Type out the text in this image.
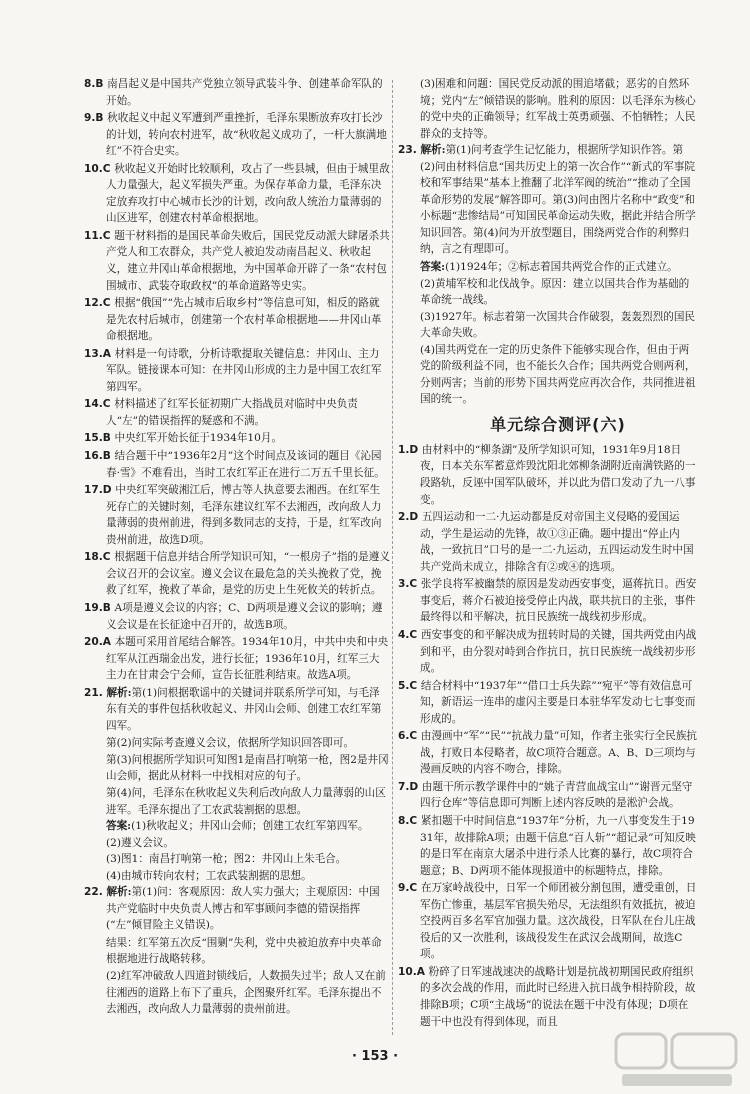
8.B 南昌起义是中国共产党独立领导武装斗争、创建革命军队的开始。

9.B 秋收起义中起义军遭到严重挫折，毛泽东果断放弃攻打长沙的计划，转向农村进军，故“秋收起义成功了，一杆大旗满地红”不符合史实。

10.C 秋收起义开始时比较顺利，攻占了一些县城，但由于城里敌人力量强大，起义军损失严重。为保存革命力量，毛泽东决定放弃攻打中心城市长沙的计划，改向敌人统治力量薄弱的山区进军，创建农村革命根据地。

11.C 题干材料指的是国民革命失败后，国民党反动派大肆屠杀共产党人和工农群众，共产党人被迫发动南昌起义、秋收起义，建立井冈山革命根据地，为中国革命开辟了一条“农村包围城市、武装夺取政权”的革命道路等史实。

12.C 根据“俄国”“先占城市后取乡村”等信息可知，相反的路就是先农村后城市，创建第一个农村革命根据地——井冈山革命根据地。

13.A 材料是一句诗歌，分析诗歌提取关键信息：井冈山、主力军队。链接课本可知：在井冈山形成的主力是中国工农红军第四军。

14.C 材料描述了红军长征初期广大指战员对临时中央负责人“左”的错误指挥的疑惑和不满。

15.B 中央红军开始长征于1934年10月。

16.B 结合题干中“1936年2月”这个时间点及该词的题目《沁园春·雪》不难看出，当时工农红军正在进行二万五千里长征。

17.D 中央红军突破湘江后，博古等人执意要去湘西。在红军生死存亡的关键时刻，毛泽东建议红军不去湘西，改向敌人力量薄弱的贵州前进，得到多数同志的支持，于是，红军改向贵州前进，故选D项。

18.C 根据题干信息并结合所学知识可知，“一根房子”指的是遵义会议召开的会议室。遵义会议在最危急的关头挽救了党，挽救了红军，挽救了革命，是党的历史上生死攸关的转折点。

19.B A项是遵义会议的内容；C、D两项是遵义会议的影响；遵义会议是在长征途中召开的，故选B项。

20.A 本题可采用首尾结合解答。1934年10月，中共中央和中央红军从江西瑞金出发，进行长征；1936年10月，红军三大主力在甘肃会宁会师，宣告长征胜利结束。故选A项。

21. 解析:第(1)问根据歌谣中的关键词并联系所学可知，与毛泽东有关的事件包括秋收起义、井冈山会师、创建工农红军第四军。

第(2)问实际考查遵义会议，依据所学知识回答即可。

第(3)问根据所学知识可知图1是南昌打响第一枪，图2是井冈山会师，据此从材料一中找相对应的句子。

第(4)问，毛泽东在秋收起义失利后改向敌人力量薄弱的山区进军。毛泽东提出了工农武装割据的思想。

答案:(1)秋收起义；井冈山会师；创建工农红军第四军。

(2)遵义会议。

(3)图1：南昌打响第一枪；图2：井冈山上朱毛合。

(4)由城市转向农村；工农武装割据的思想。

22. 解析:第(1)问：客观原因：敌人实力强大；主观原因：中国共产党临时中央负责人博古和军事顾问李德的错误指挥(“左”倾冒险主义错误)。

结果：红军第五次反“围剿”失利，党中央被迫放弃中央革命根据地进行战略转移。

(2)红军冲破敌人四道封锁线后，人数损失过半；敌人又在前往湘西的道路上布下了重兵，企图聚歼红军。毛泽东提出不去湘西，改向敌人力量薄弱的贵州前进。

(3)困难和问题：国民党反动派的围追堵截；恶劣的自然环境；党内“左”倾错误的影响。胜利的原因：以毛泽东为核心的党中央的正确领导；红军战士英勇顽强、不怕牺牲；人民群众的支持等。

23. 解析:第(1)问考查学生记忆能力，根据所学知识作答。第(2)问由材料信息“国共历史上的第一次合作”“新式的军事院校和军事结果”基本上推翻了北洋军阀的统治”“推动了全国革命形势的发展”解答即可。第(3)问由图片名称中“政变”和小标题“悲惨结局”可知国民革命运动失败，据此并结合所学知识回答。第(4)问为开放型题目，围绕两党合作的利弊归纳，言之有理即可。

答案:(1)1924年；②标志着国共两党合作的正式建立。

(2)黄埔军校和北伐战争。原因：建立以国共合作为基础的革命统一战线。

(3)1927年。标志着第一次国共合作破裂，轰轰烈烈的国民大革命失败。

(4)国共两党在一定的历史条件下能够实现合作，但由于两党的阶级利益不同，也不能长久合作；国共两党合则两利，分则两害；当前的形势下国共两党应再次合作，共同推进祖国的统一。

单元综合测评(六)

1.D 由材料中的“柳条湖”及所学知识可知，1931年9月18日夜，日本关东军蓄意炸毁沈阳北郊柳条湖附近南满铁路的一段路轨，反诬中国军队破坏，并以此为借口发动了九一八事变。

2.D 五四运动和一二·九运动都是反对帝国主义侵略的爱国运动，学生是运动的先锋，故①③正确。题中提出“停止内战，一致抗日”口号的是一二·九运动，五四运动发生时中国共产党尚未成立，排除含有②或④的选项。

3.C 张学良将军被幽禁的原因是发动西安事变，逼蒋抗日。西安事变后，蒋介石被迫接受停止内战，联共抗日的主张，事件最终得以和平解决，抗日民族统一战线初步形成。

4.C 西安事变的和平解决成为扭转时局的关键，国共两党由内战到和平，由分裂对峙到合作抗日，抗日民族统一战线初步形成。

5.C 结合材料中“1937年”“借口士兵失踪”“宛平”等有效信息可知，新语运一连串的虚闪主要是日本驻华军发动七七事变而形成的。

6.C 由漫画中“军”“民”“抗战力量”可知，作者主张实行全民族抗战，打败日本侵略者，故C项符合题意。A、B、D三项均与漫画反映的内容不吻合，排除。

7.D 由题干所示教学课件中的“姚子青营血战宝山”“谢晋元坚守四行仓库”等信息即可判断上述内容反映的是淞沪会战。

8.C 紧扣题干中时间信息“1937年”分析，九一八事变发生于1931年，故排除A项；由题干信息“百人斩”“超记录”可知反映的是日军在南京大屠杀中进行杀人比赛的暴行，故C项符合题意；B、D两项不能体现报道中的标题特点，排除。

9.C 在万家岭战役中，日军一个师团被分割包围，遭受重创，日军伤亡惨重，基层军官损失殆尽，无法组织有效抵抗，被迫空投两百多名军官加强力量。这次战役，日军队在台儿庄战役后的又一次胜利，该战役发生在武汉会战期间，故选C项。

10.A 粉碎了日军速战速决的战略计划是抗战初期国民政府组织的多次会战的作用，而此时已经进入抗日战争相持阶段，故排除B项；C项“主战场”的说法在题干中没有体现；D项在题干中也没有得到体现，而且

· 153 ·
